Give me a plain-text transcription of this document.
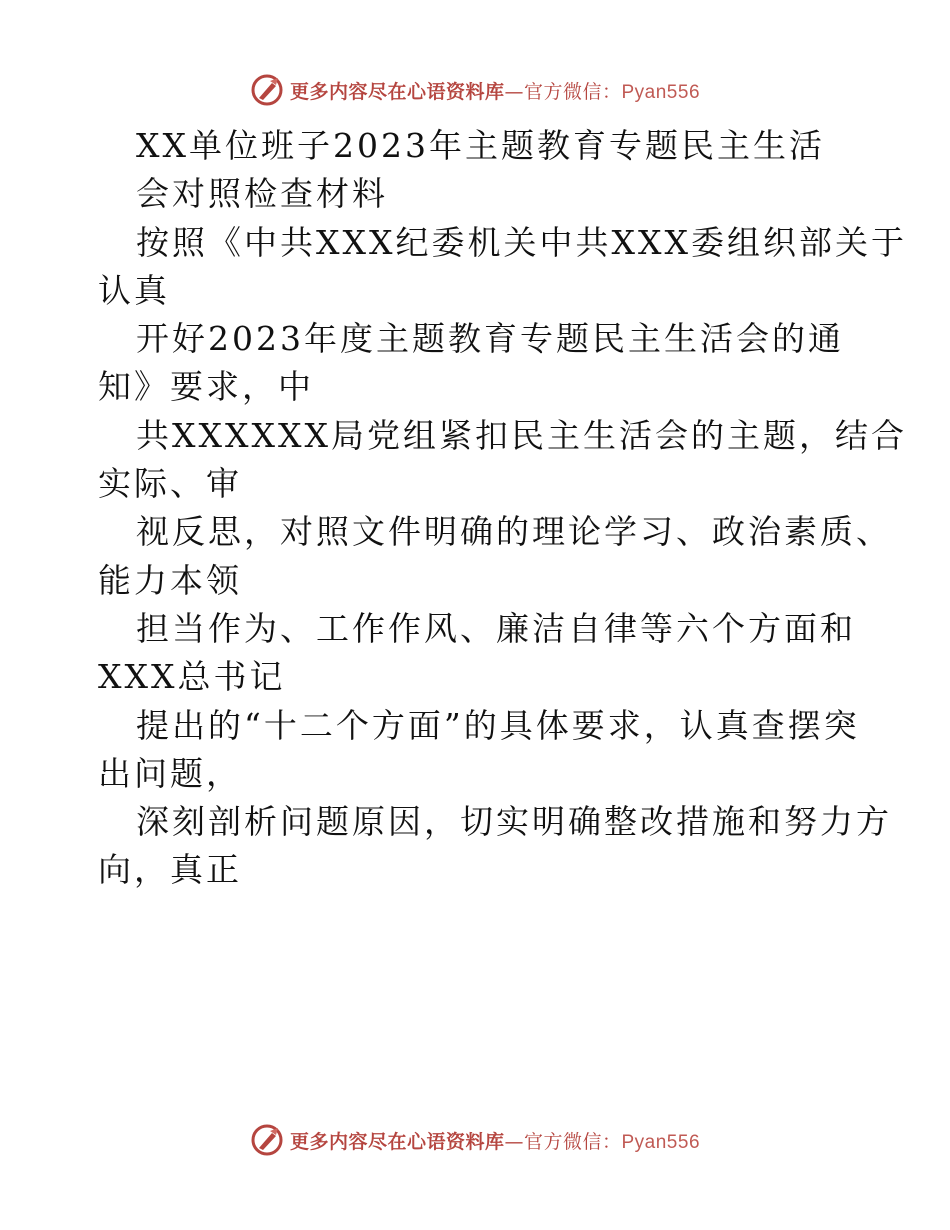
更多内容尽在心语资料库—官方微信：Pyan556
XX单位班子2023年主题教育专题民主生活
会对照检查材料
按照《中共XXX纪委机关中共XXX委组织部关于
认真
开好2023年度主题教育专题民主生活会的通
知》要求，中
共XXXXXX局党组紧扣民主生活会的主题，结合
实际、审
视反思，对照文件明确的理论学习、政治素质、
能力本领
担当作为、工作作风、廉洁自律等六个方面和
XXX总书记
提出的“十二个方面”的具体要求，认真查摆突
出问题，
深刻剖析问题原因，切实明确整改措施和努力方
向，真正
更多内容尽在心语资料库—官方微信：Pyan556
